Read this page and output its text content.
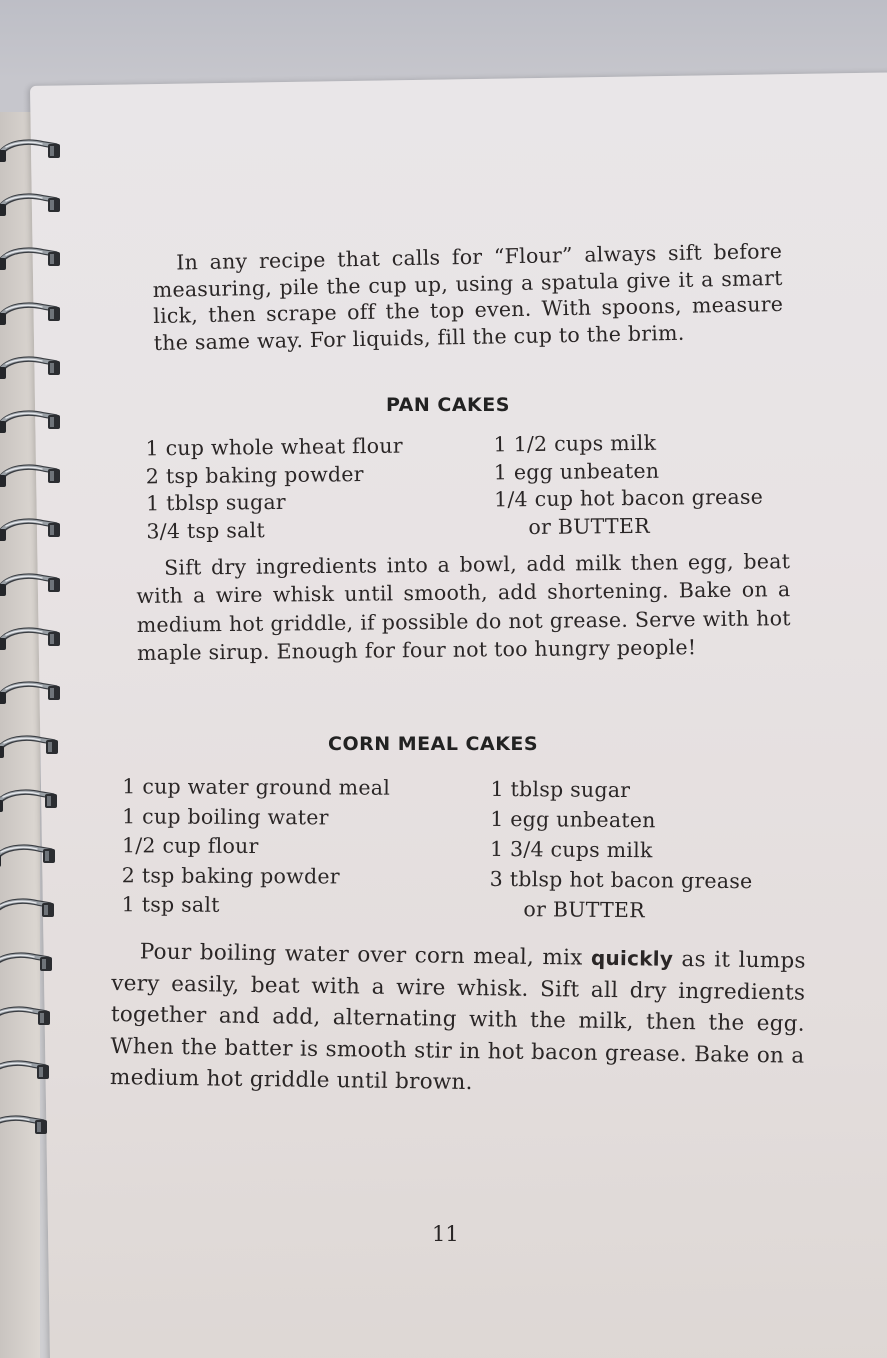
In any recipe that calls for “Flour” always sift before measuring, pile the cup up, using a spatula give it a smart lick, then scrape off the top even. With spoons, measure the same way. For liquids, fill the cup to the brim.

PAN CAKES
1 cup whole wheat flour
2 tsp baking powder
1 tblsp sugar
3/4 tsp salt
1 1/2 cups milk
1 egg unbeaten
1/4 cup hot bacon grease
or BUTTER

Sift dry ingredients into a bowl, add milk then egg, beat with a wire whisk until smooth, add shortening. Bake on a medium hot griddle, if possible do not grease. Serve with hot maple sirup. Enough for four not too hungry people!

CORN MEAL CAKES
1 cup water ground meal
1 cup boiling water
1/2 cup flour
2 tsp baking powder
1 tsp salt
1 tblsp sugar
1 egg unbeaten
1 3/4 cups milk
3 tblsp hot bacon grease
or BUTTER

Pour boiling water over corn meal, mix quickly as it lumps very easily, beat with a wire whisk. Sift all dry ingredients together and add, alternating with the milk, then the egg. When the batter is smooth stir in hot bacon grease. Bake on a medium hot griddle until brown.

11
